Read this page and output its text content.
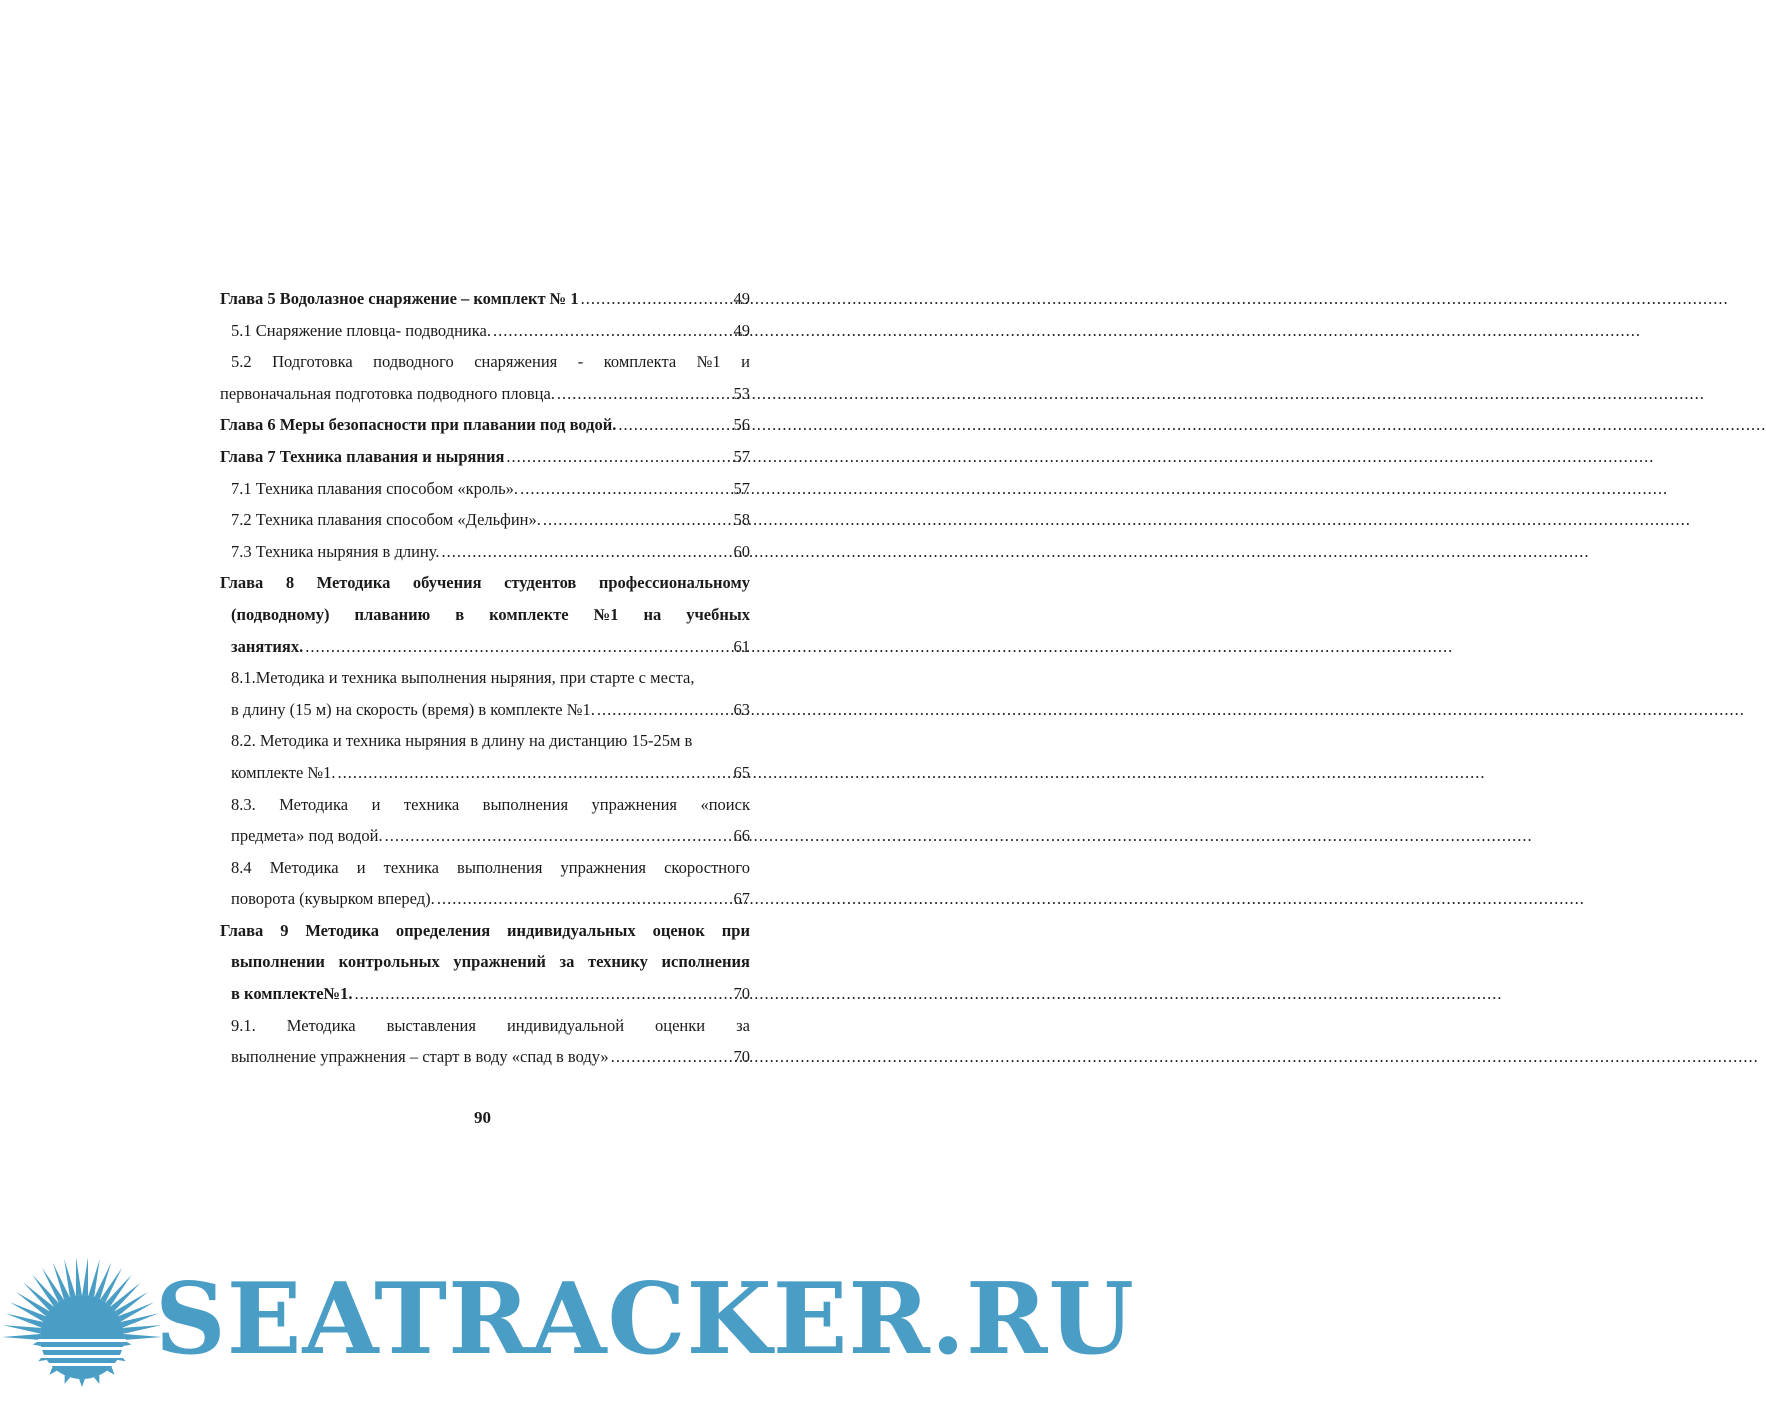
Глава 5 Водолазное снаряжение – комплект № 1 .....	49
5.1 Снаряжение пловца- подводника. .....	49
5.2 Подготовка подводного снаряжения - комплекта №1 и
первоначальная подготовка подводного пловца. .....	53
Глава 6 Меры безопасности при плавании под водой. .....	56
Глава 7 Техника плавания и ныряния .....	57
7.1 Техника плавания способом «кроль». .....	57
7.2 Техника плавания способом «Дельфин». .....	58
7.3 Техника ныряния в длину. .....	60
Глава 8 Методика обучения студентов профессиональному
(подводному) плаванию в комплекте №1 на учебных
занятиях. .....	61
8.1.Методика и техника выполнения ныряния, при старте с места,
в длину (15 м) на скорость (время) в комплекте №1. .....	63
8.2. Методика и техника ныряния в длину на дистанцию 15-25м в
комплекте №1. .....	65
8.3. Методика и техника выполнения упражнения «поиск
предмета» под водой. .....	66
8.4 Методика и техника выполнения упражнения скоростного
поворота (кувырком вперед). .....	67
Глава 9 Методика определения индивидуальных оценок при
выполнении контрольных упражнений за технику исполнения
в комплекте№1. .....	70
9.1. Методика выставления индивидуальной оценки за
выполнение упражнения – старт в воду «спад в воду» .....	70
90
SEATRACKER.RU
